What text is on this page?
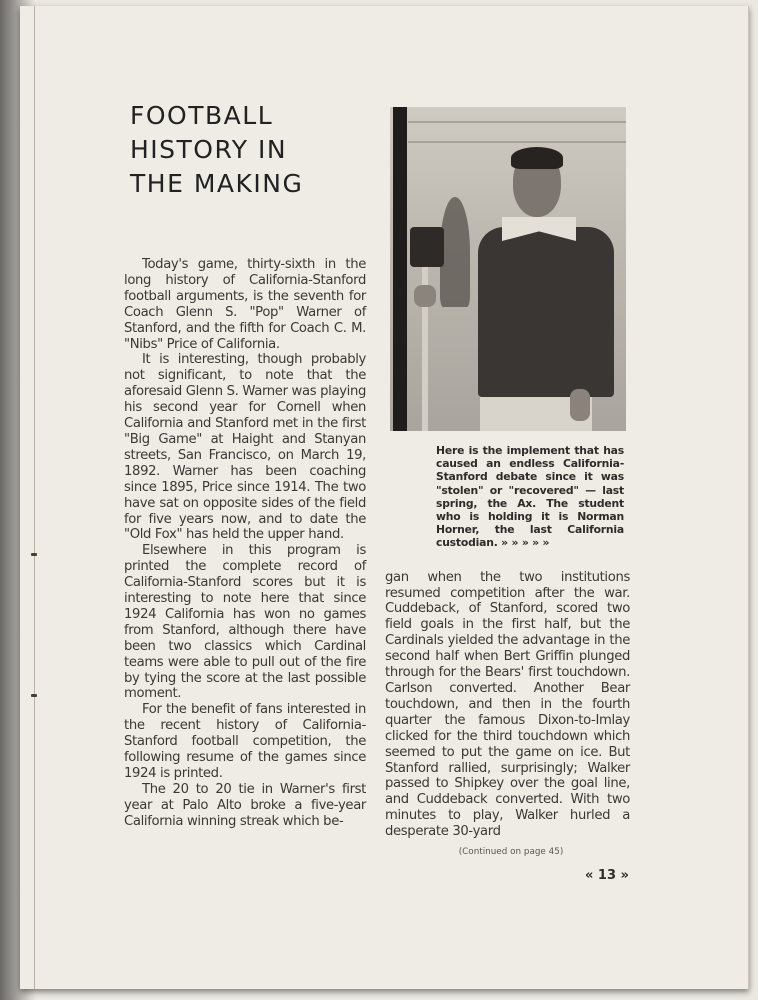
FOOTBALL
HISTORY IN
THE MAKING

Today's game, thirty-sixth in the long history of California-Stanford football arguments, is the seventh for Coach Glenn S. "Pop" Warner of Stanford, and the fifth for Coach C. M. "Nibs" Price of California.

It is interesting, though probably not significant, to note that the aforesaid Glenn S. Warner was playing his second year for Cornell when California and Stanford met in the first "Big Game" at Haight and Stanyan streets, San Francisco, on March 19, 1892. Warner has been coaching since 1895, Price since 1914. The two have sat on opposite sides of the field for five years now, and to date the "Old Fox" has held the upper hand.

Elsewhere in this program is printed the complete record of California-Stanford scores but it is interesting to note here that since 1924 California has won no games from Stanford, although there have been two classics which Cardinal teams were able to pull out of the fire by tying the score at the last possible moment.

For the benefit of fans interested in the recent history of California-Stanford football competition, the following resume of the games since 1924 is printed.

The 20 to 20 tie in Warner's first year at Palo Alto broke a five-year California winning streak which be-

Here is the implement that has caused an endless California-Stanford debate since it was "stolen" or "recovered" — last spring, the Ax. The student who is holding it is Norman Horner, the last California custodian. » » » » »

gan when the two institutions resumed competition after the war. Cuddeback, of Stanford, scored two field goals in the first half, but the Cardinals yielded the advantage in the second half when Bert Griffin plunged through for the Bears' first touchdown. Carlson converted. Another Bear touchdown, and then in the fourth quarter the famous Dixon-to-Imlay clicked for the third touchdown which seemed to put the game on ice. But Stanford rallied, surprisingly; Walker passed to Shipkey over the goal line, and Cuddeback converted. With two minutes to play, Walker hurled a desperate 30-yard

(Continued on page 45)
« 13 »
